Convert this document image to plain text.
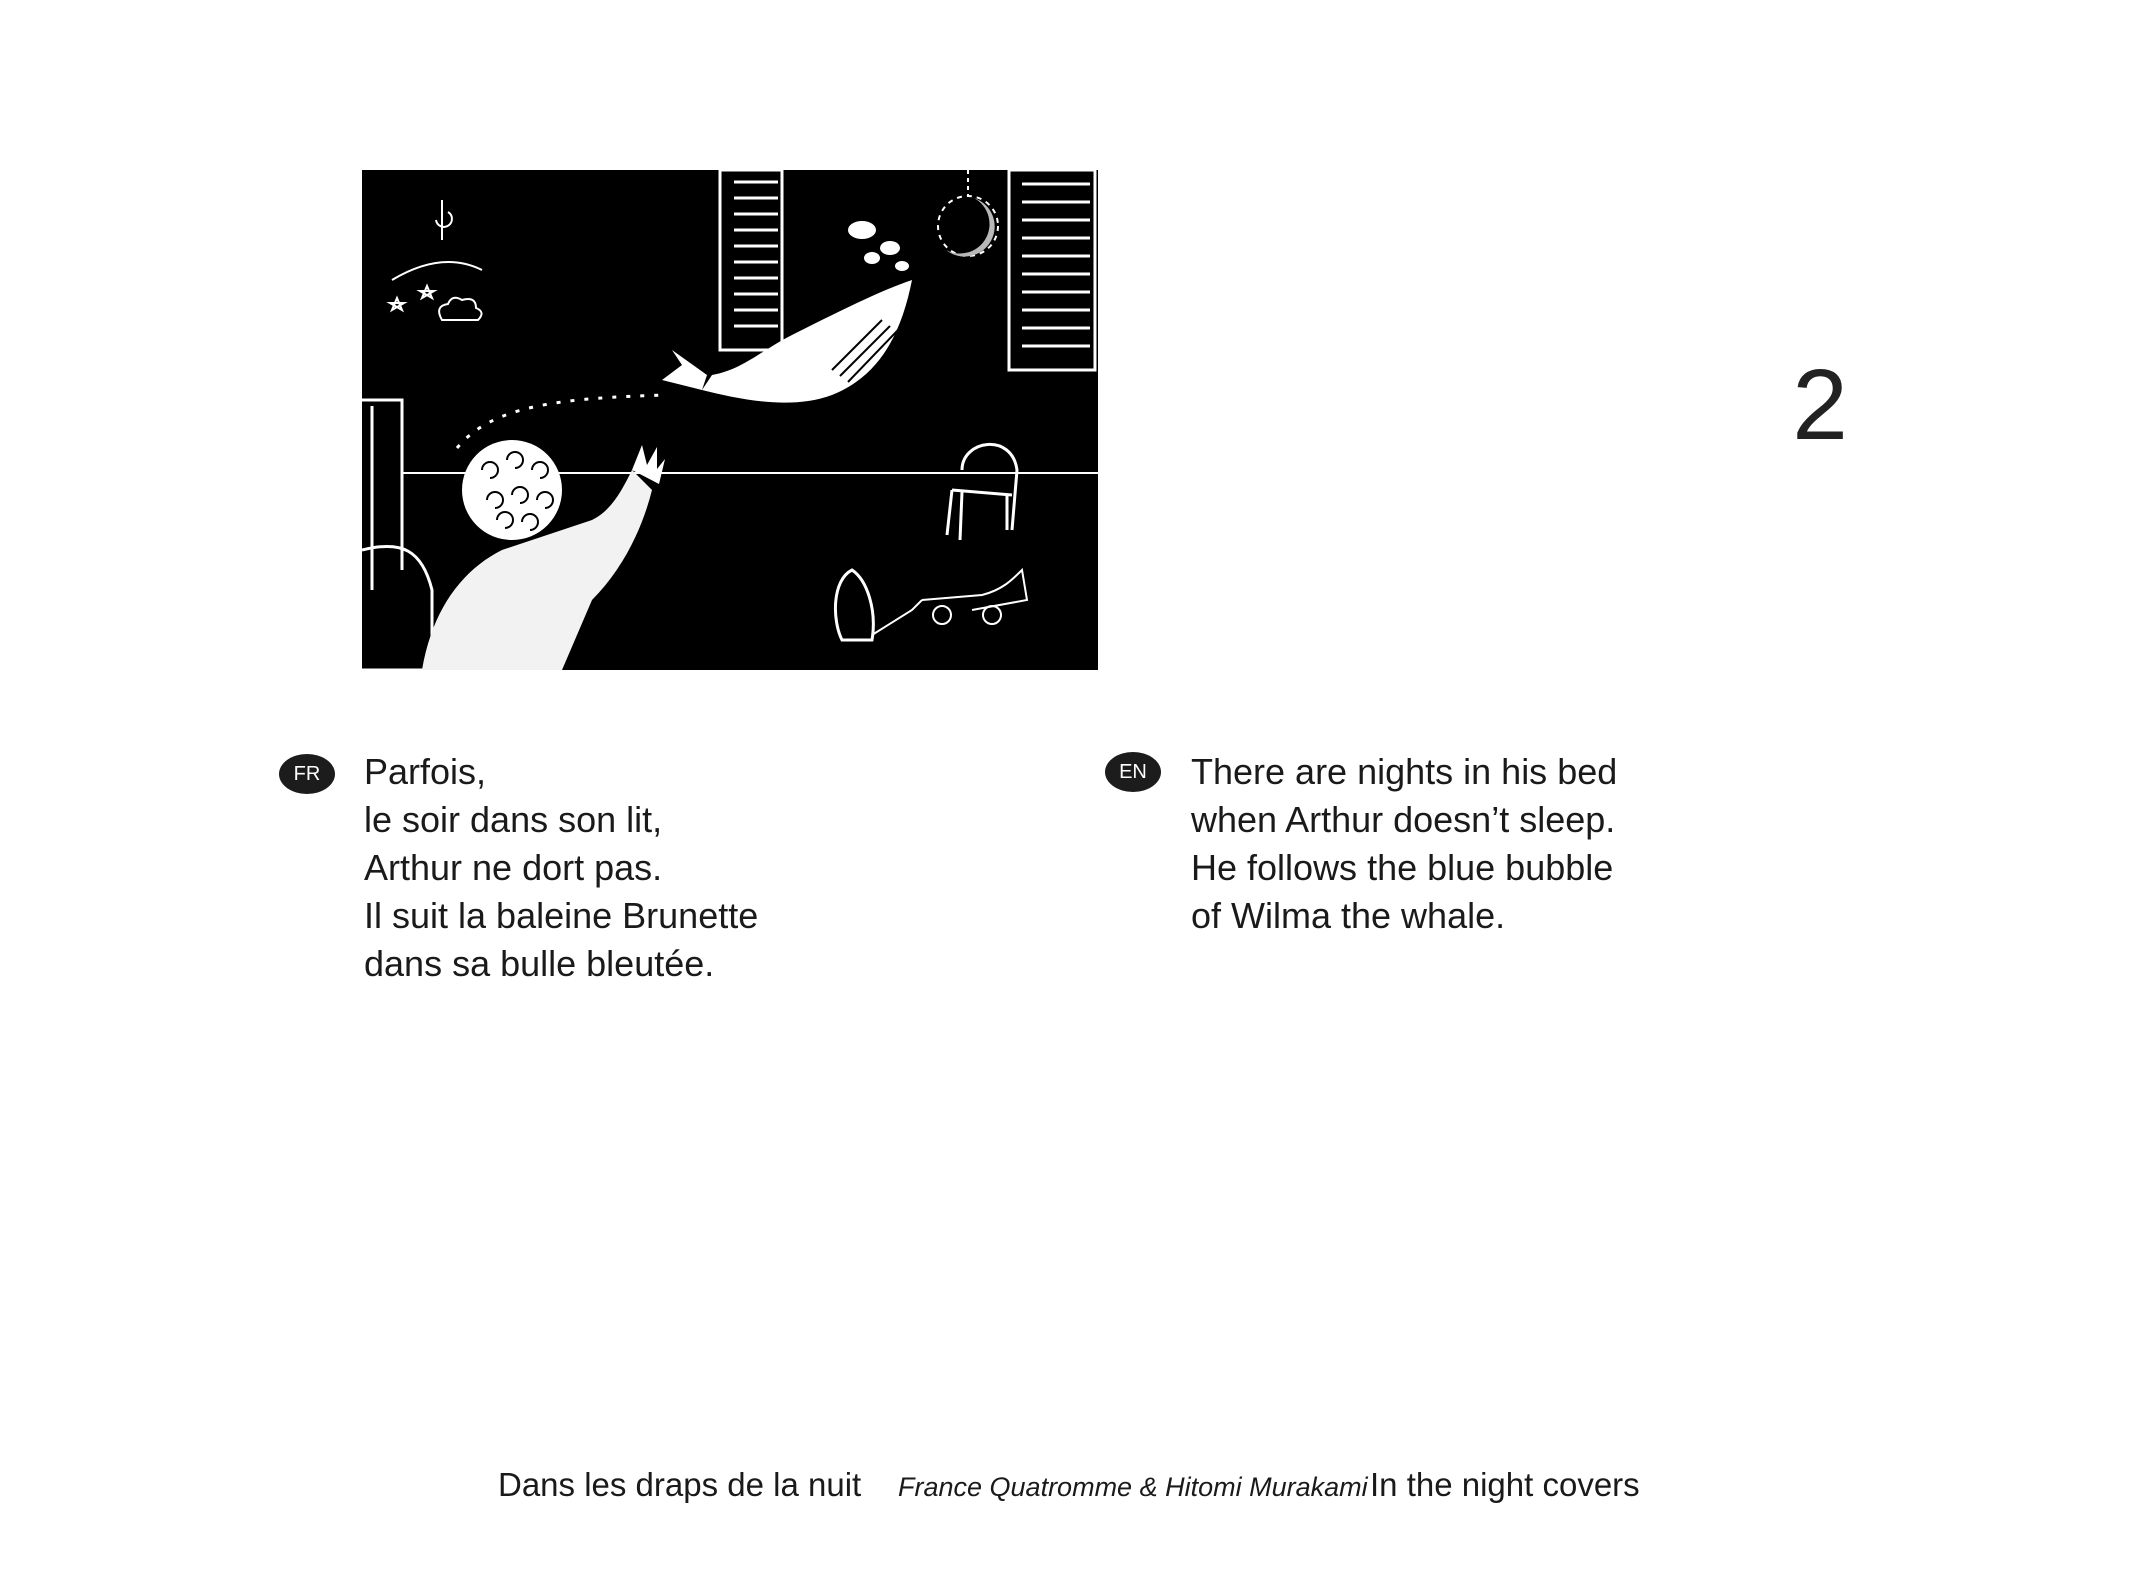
2
FR	Parfois,
le soir dans son lit,
Arthur ne dort pas.
Il suit la baleine Brunette
dans sa bulle bleutée.
EN	There are nights in his bed
when Arthur doesn’t sleep.
He follows the blue bubble
of Wilma the whale.
Dans les draps de la nuit France Quatromme & Hitomi Murakami In the night covers
